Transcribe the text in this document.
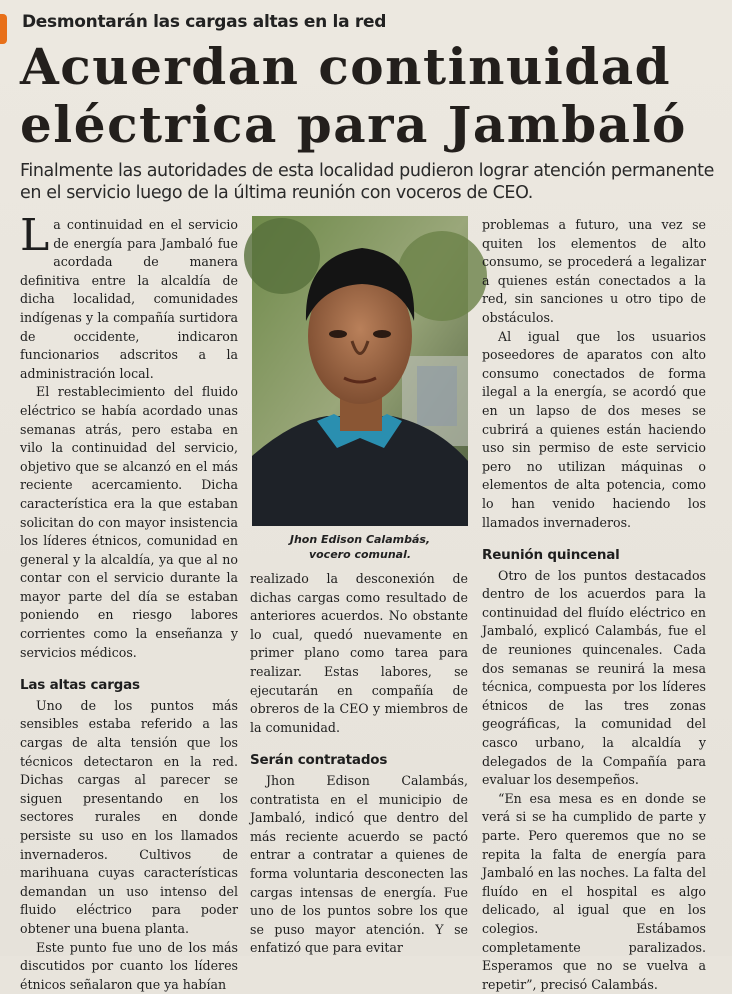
Desmontarán las cargas altas en la red
Acuerdan continuidad
eléctrica para Jambaló
Finalmente las autoridades de esta localidad pudieron lograr atención permanente en el servicio luego de la última reunión con voceros de CEO.

La continuidad en el servicio de energía para Jambaló fue acordada de manera definitiva entre la alcaldía de dicha localidad, comunidades indígenas y la compañía surtidora de occidente, indicaron funcionarios adscritos a la administración local.

El restablecimiento del fluido eléctrico se había acordado unas semanas atrás, pero estaba en vilo la continuidad del servicio, objetivo que se alcanzó en el más reciente acercamiento. Dicha característica era la que estaban solicitan do con mayor insistencia los líderes étnicos, comunidad en general y la alcaldía, ya que al no contar con el servicio durante la mayor parte del día se estaban poniendo en riesgo labores corrientes como la enseñanza y servicios médicos.

Las altas cargas

Uno de los puntos más sensibles estaba referido a las cargas de alta tensión que los técnicos detectaron en la red. Dichas cargas al parecer se siguen presentando en los sectores rurales en donde persiste su uso en los llamados invernaderos. Cultivos de marihuana cuyas características demandan un uso intenso del fluido eléctrico para poder obtener una buena planta.

Este punto fue uno de los más discutidos por cuanto los líderes étnicos señalaron que ya habían

Jhon Edison Calambás,
vocero comunal.

realizado la desconexión de dichas cargas como resultado de anteriores acuerdos. No obstante lo cual, quedó nuevamente en primer plano como tarea para realizar. Estas labores, se ejecutarán en compañía de obreros de la CEO y miembros de la comunidad.

Serán contratados

Jhon Edison Calambás, contratista en el municipio de Jambaló, indicó que dentro del más reciente acuerdo se pactó entrar a contratar a quienes de forma voluntaria desconecten las cargas intensas de energía. Fue uno de los puntos sobre los que se puso mayor atención. Y se enfatizó que para evitar

problemas a futuro, una vez se quiten los elementos de alto consumo, se procederá a legalizar a quienes están conectados a la red, sin sanciones u otro tipo de obstáculos.

Al igual que los usuarios poseedores de aparatos con alto consumo conectados de forma ilegal a la energía, se acordó que en un lapso de dos meses se cubrirá a quienes están haciendo uso sin permiso de este servicio pero no utilizan máquinas o elementos de alta potencia, como lo han venido haciendo los llamados invernaderos.

Reunión quincenal

Otro de los puntos destacados dentro de los acuerdos para la continuidad del fluído eléctrico en Jambaló, explicó Calambás, fue el de reuniones quincenales. Cada dos semanas se reunirá la mesa técnica, compuesta por los líderes étnicos de las tres zonas geográficas, la comunidad del casco urbano, la alcaldía y delegados de la Compañía para evaluar los desempeños.

“En esa mesa es en donde se verá si se ha cumplido de parte y parte. Pero queremos que no se repita la falta de energía para Jambaló en las noches. La falta del fluído en el hospital es algo delicado, al igual que en los colegios. Estábamos completamente paralizados. Esperamos que no se vuelva a repetir”, precisó Calambás.
